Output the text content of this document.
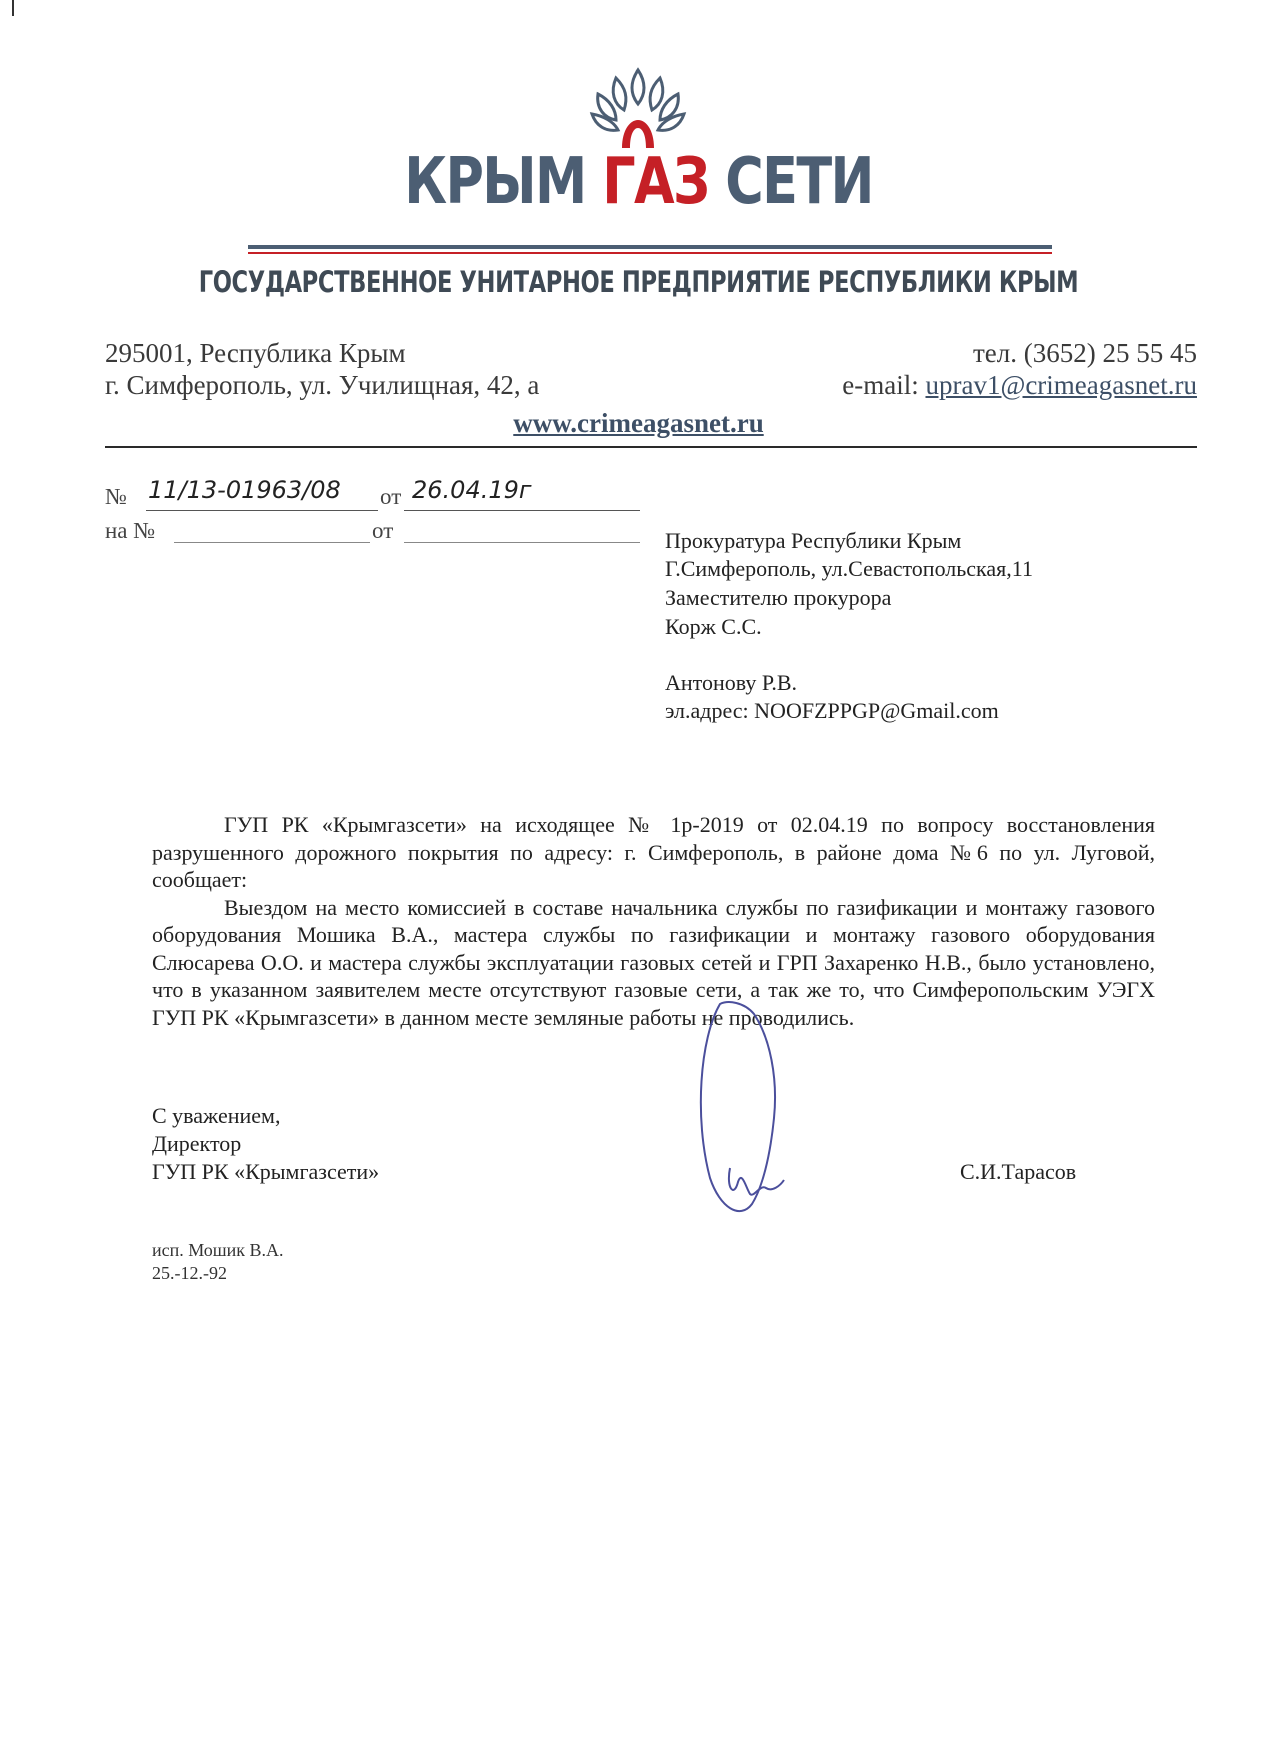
КРЫМ ГАЗ СЕТИ
ГОСУДАРСТВЕННОЕ УНИТАРНОЕ ПРЕДПРИЯТИЕ РЕСПУБЛИКИ КРЫМ
295001, Республика Крым
г. Симферополь, ул. Училищная, 42, а
тел. (3652) 25 55 45
e-mail: uprav1@crimeagasnet.ru
www.crimeagasnet.ru
№ 11/13-01963/08 от 26.04.19г
на №	от	Прокуратура Республики Крым
Г.Симферополь, ул.Севастопольская,11
Заместителю прокурора
Корж С.С.
Антонову Р.В.
эл.адрес: NOOFZPPGP@Gmail.com

ГУП РК «Крымгазсети» на исходящее № 1р-2019 от 02.04.19 по вопросу восстановления разрушенного дорожного покрытия по адресу: г. Симферополь, в районе дома №6 по ул. Луговой, сообщает:

Выездом на место комиссией в составе начальника службы по газификации и монтажу газового оборудования Мошика В.А., мастера службы по газификации и монтажу газового оборудования Слюсарева О.О. и мастера службы эксплуатации газовых сетей и ГРП Захаренко Н.В., было установлено, что в указанном заявителем месте отсутствуют газовые сети, а так же то, что Симферопольским УЭГХ ГУП РК «Крымгазсети» в данном месте земляные работы не проводились.

С уважением,
Директор
ГУП РК «Крымгазсети»	С.И.Тарасов
исп. Мошик В.А.
25.-12.-92
